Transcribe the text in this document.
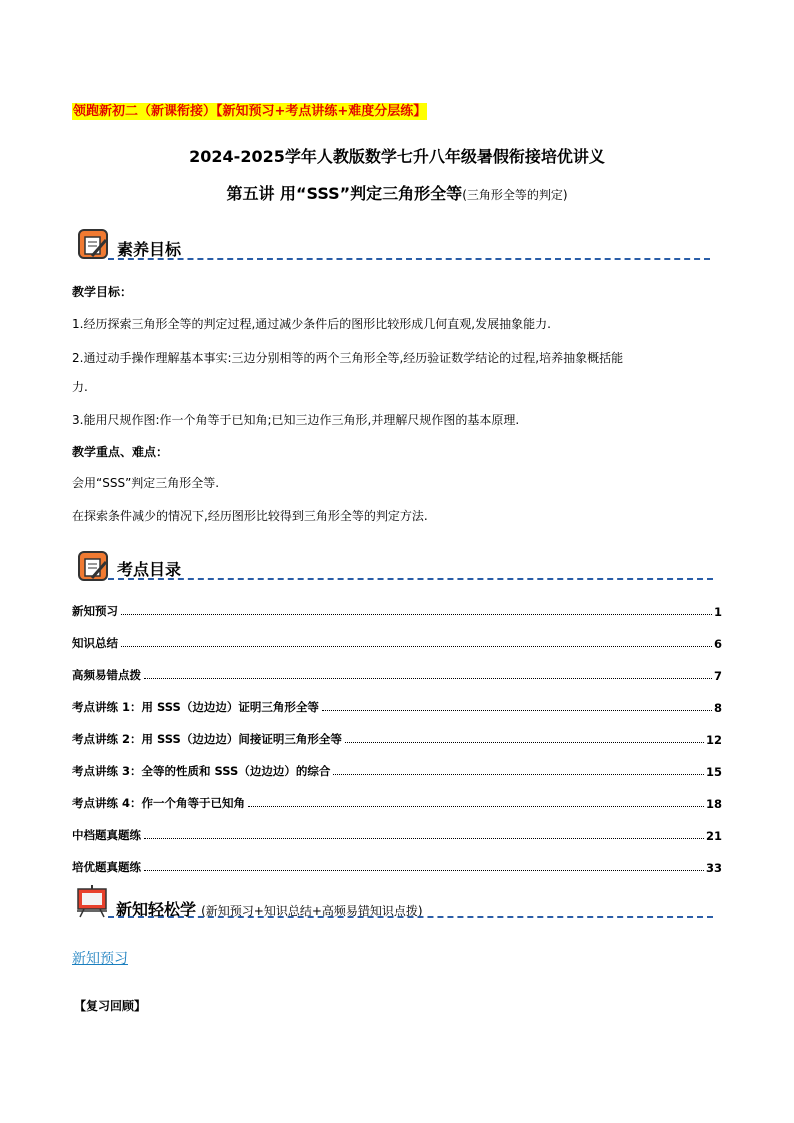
领跑新初二（新课衔接）【新知预习+考点讲练+难度分层练】
2024-2025学年人教版数学七升八年级暑假衔接培优讲义
第五讲 用“SSS”判定三角形全等(三角形全等的判定)
素养目标
教学目标：
1.经历探索三角形全等的判定过程,通过减少条件后的图形比较形成几何直观,发展抽象能力.
2.通过动手操作理解基本事实:三边分别相等的两个三角形全等,经历验证数学结论的过程,培养抽象概括能
力.
3.能用尺规作图:作一个角等于已知角;已知三边作三角形,并理解尺规作图的基本原理.
教学重点、难点：
会用“SSS”判定三角形全等.
在探索条件减少的情况下,经历图形比较得到三角形全等的判定方法.
考点目录
新知预习	1
知识总结	6
高频易错点拨	7
考点讲练 1：用 SSS（边边边）证明三角形全等	8
考点讲练 2：用 SSS（边边边）间接证明三角形全等	12
考点讲练 3：全等的性质和 SSS（边边边）的综合	15
考点讲练 4：作一个角等于已知角	18
中档题真题练	21
培优题真题练	33
新知轻松学 (新知预习+知识总结+高频易错知识点拨)
新知预习
【复习回顾】
